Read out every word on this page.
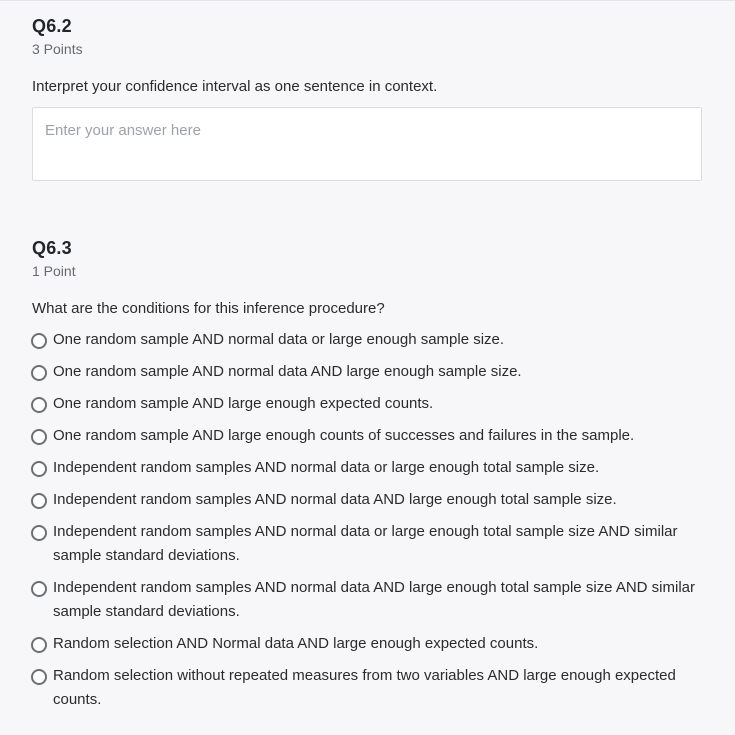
Q6.2
3 Points
Interpret your confidence interval as one sentence in context.
Enter your answer here
Q6.3
1 Point
What are the conditions for this inference procedure?
One random sample AND normal data or large enough sample size.
One random sample AND normal data AND large enough sample size.
One random sample AND large enough expected counts.
One random sample AND large enough counts of successes and failures in the sample.
Independent random samples AND normal data or large enough total sample size.
Independent random samples AND normal data AND large enough total sample size.
Independent random samples AND normal data or large enough total sample size AND similar sample standard deviations.
Independent random samples AND normal data AND large enough total sample size AND similar sample standard deviations.
Random selection AND Normal data AND large enough expected counts.
Random selection without repeated measures from two variables AND large enough expected counts.
